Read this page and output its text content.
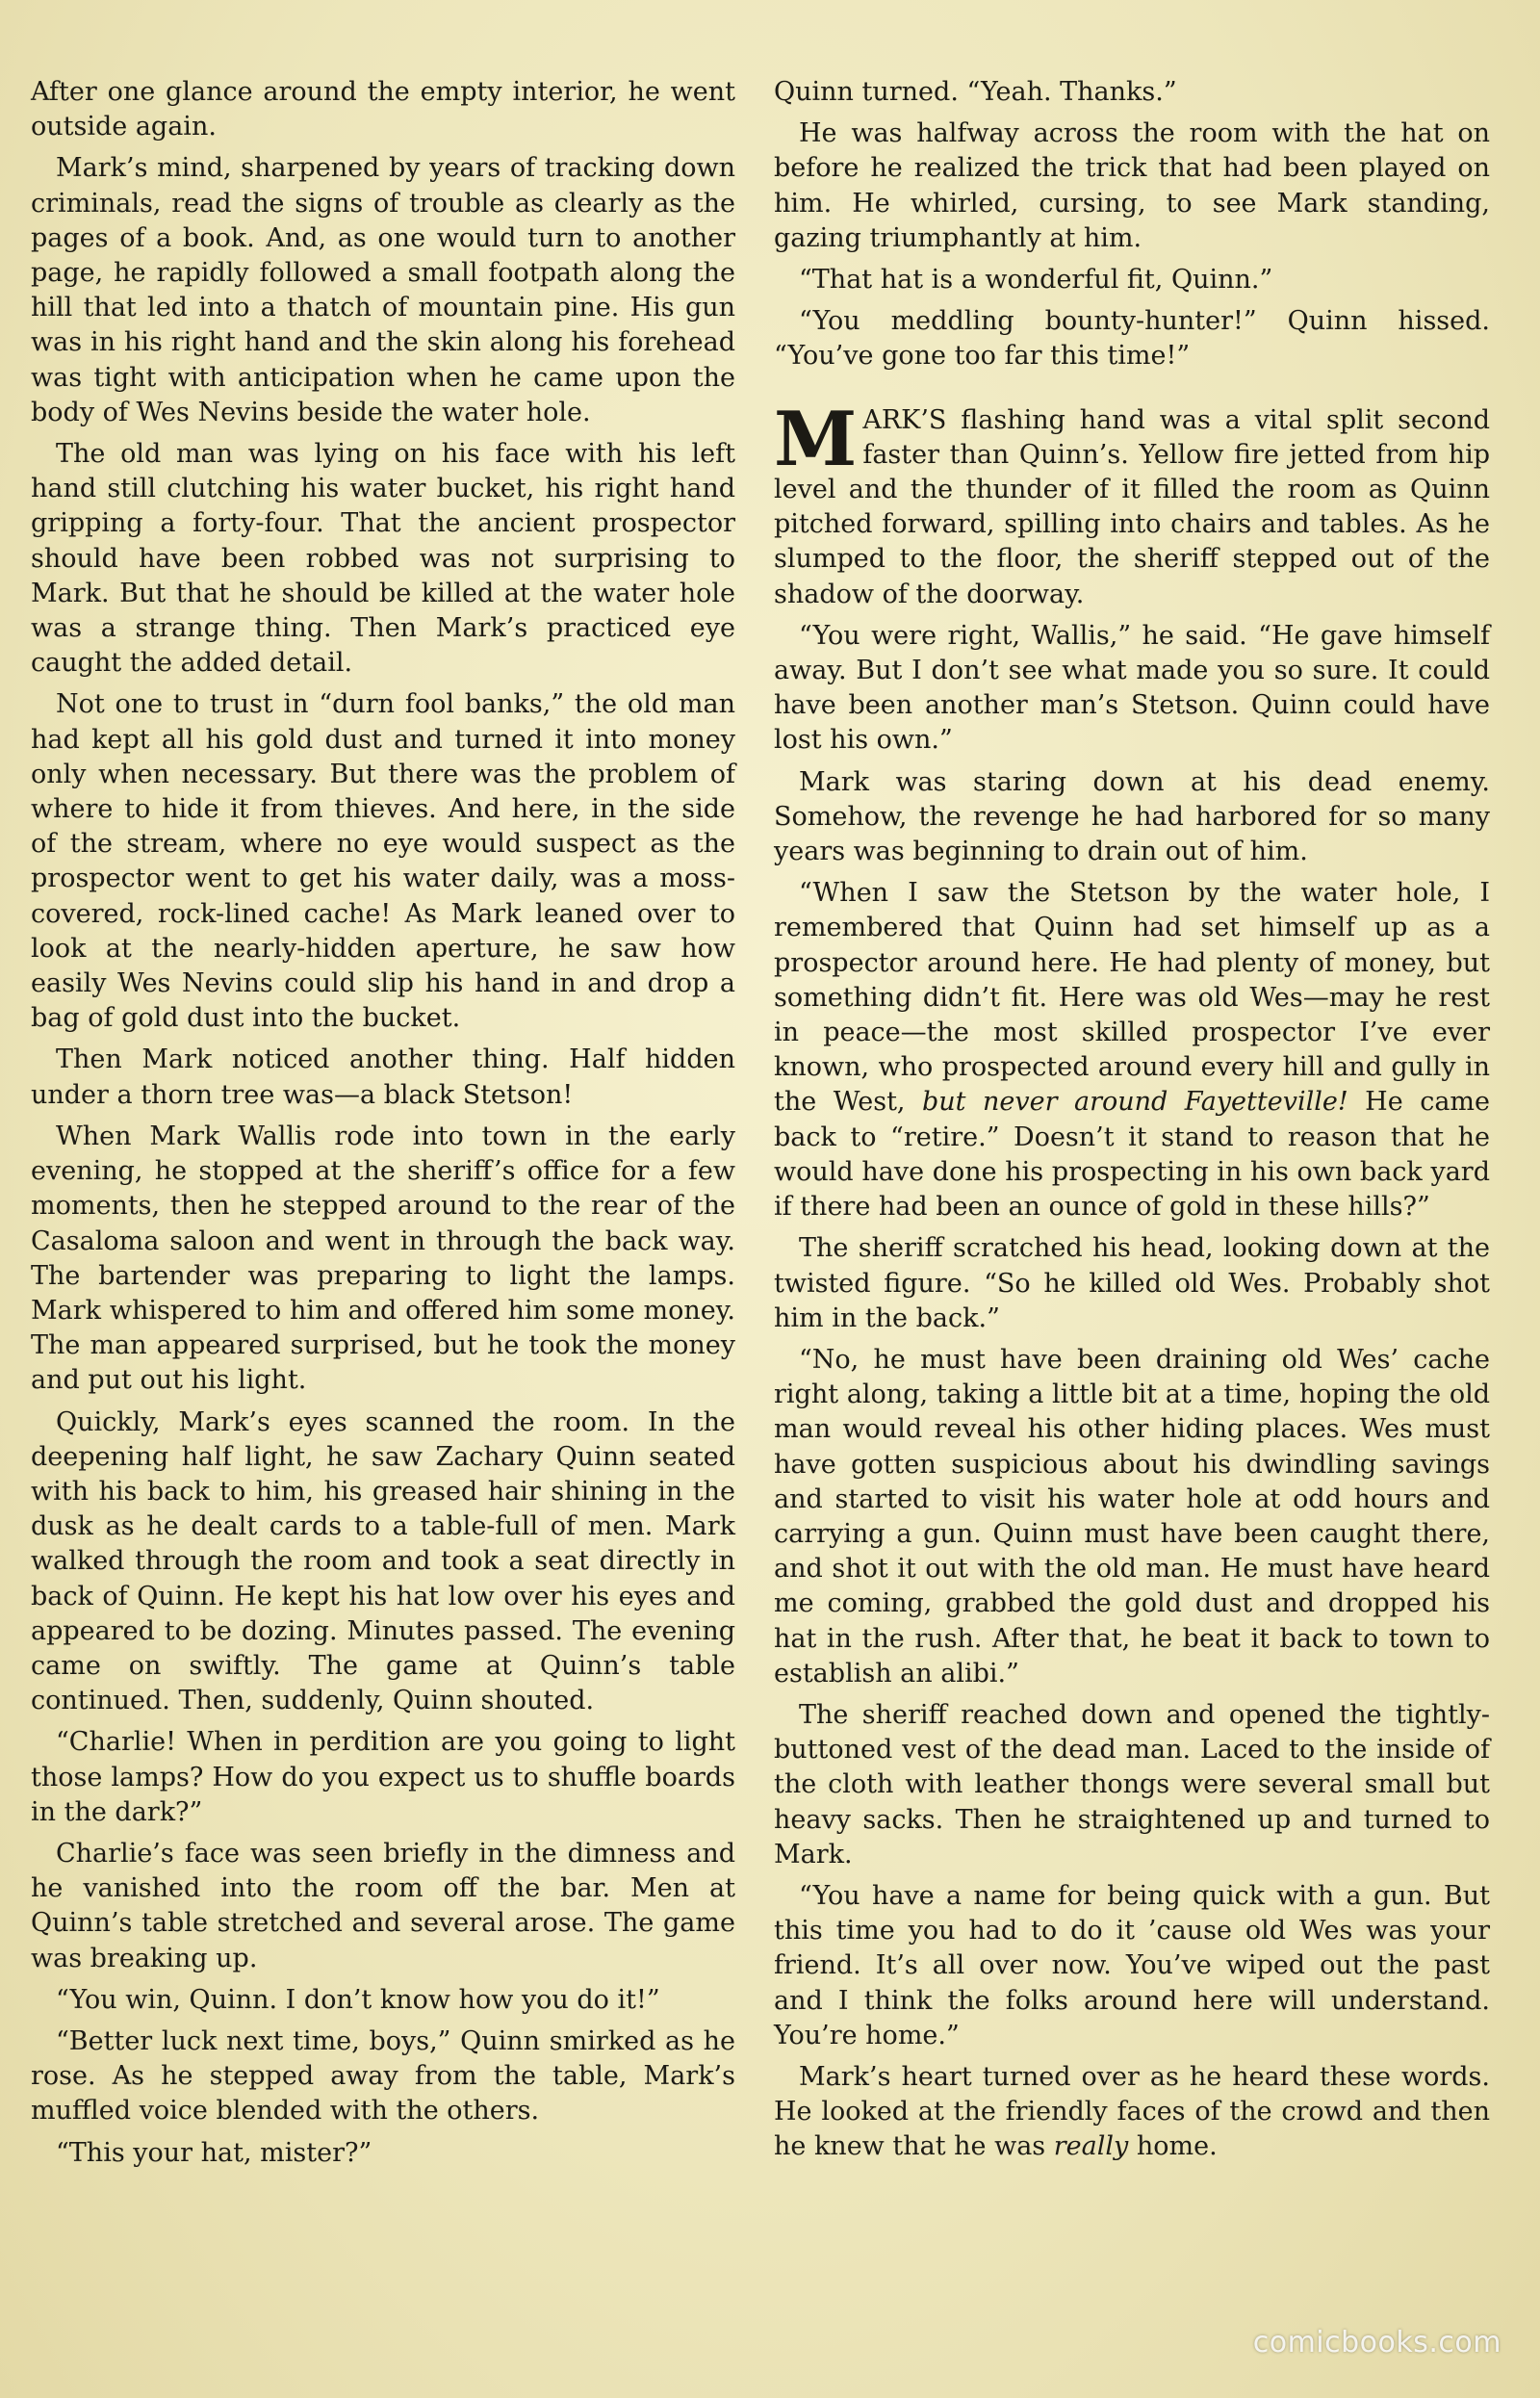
After one glance around the empty interior, he went outside again.

Mark’s mind, sharpened by years of tracking down criminals, read the signs of trouble as clearly as the pages of a book. And, as one would turn to another page, he rapidly followed a small footpath along the hill that led into a thatch of mountain pine. His gun was in his right hand and the skin along his forehead was tight with anticipation when he came upon the body of Wes Nevins beside the water hole.

The old man was lying on his face with his left hand still clutching his water bucket, his right hand gripping a forty-four. That the ancient prospector should have been robbed was not surprising to Mark. But that he should be killed at the water hole was a strange thing. Then Mark’s practiced eye caught the added detail.

Not one to trust in “durn fool banks,” the old man had kept all his gold dust and turned it into money only when necessary. But there was the problem of where to hide it from thieves. And here, in the side of the stream, where no eye would suspect as the prospector went to get his water daily, was a moss-covered, rock-lined cache! As Mark leaned over to look at the nearly-hidden aperture, he saw how easily Wes Nevins could slip his hand in and drop a bag of gold dust into the bucket.

Then Mark noticed another thing. Half hidden under a thorn tree was—a black Stetson!

When Mark Wallis rode into town in the early evening, he stopped at the sheriff’s office for a few moments, then he stepped around to the rear of the Casaloma saloon and went in through the back way. The bartender was preparing to light the lamps. Mark whispered to him and offered him some money. The man appeared surprised, but he took the money and put out his light.

Quickly, Mark’s eyes scanned the room. In the deepening half light, he saw Zachary Quinn seated with his back to him, his greased hair shining in the dusk as he dealt cards to a table-full of men. Mark walked through the room and took a seat directly in back of Quinn. He kept his hat low over his eyes and appeared to be dozing. Minutes passed. The evening came on swiftly. The game at Quinn’s table continued. Then, suddenly, Quinn shouted.

“Charlie! When in perdition are you going to light those lamps? How do you expect us to shuffle boards in the dark?”

Charlie’s face was seen briefly in the dimness and he vanished into the room off the bar. Men at Quinn’s table stretched and several arose. The game was breaking up.

“You win, Quinn. I don’t know how you do it!”

“Better luck next time, boys,” Quinn smirked as he rose. As he stepped away from the table, Mark’s muffled voice blended with the others.

“This your hat, mister?”

Quinn turned. “Yeah. Thanks.”

He was halfway across the room with the hat on before he realized the trick that had been played on him. He whirled, cursing, to see Mark standing, gazing triumphantly at him.

“That hat is a wonderful fit, Quinn.”

“You meddling bounty-hunter!” Quinn hissed. “You’ve gone too far this time!”

MARK’S flashing hand was a vital split second faster than Quinn’s. Yellow fire jetted from hip level and the thunder of it filled the room as Quinn pitched forward, spilling into chairs and tables. As he slumped to the floor, the sheriff stepped out of the shadow of the doorway.

“You were right, Wallis,” he said. “He gave himself away. But I don’t see what made you so sure. It could have been another man’s Stetson. Quinn could have lost his own.”

Mark was staring down at his dead enemy. Somehow, the revenge he had harbored for so many years was beginning to drain out of him.

“When I saw the Stetson by the water hole, I remembered that Quinn had set himself up as a prospector around here. He had plenty of money, but something didn’t fit. Here was old Wes—may he rest in peace—the most skilled prospector I’ve ever known, who prospected around every hill and gully in the West, but never around Fayetteville! He came back to “retire.” Doesn’t it stand to reason that he would have done his prospecting in his own back yard if there had been an ounce of gold in these hills?”

The sheriff scratched his head, looking down at the twisted figure. “So he killed old Wes. Probably shot him in the back.”

“No, he must have been draining old Wes’ cache right along, taking a little bit at a time, hoping the old man would reveal his other hiding places. Wes must have gotten suspicious about his dwindling savings and started to visit his water hole at odd hours and carrying a gun. Quinn must have been caught there, and shot it out with the old man. He must have heard me coming, grabbed the gold dust and dropped his hat in the rush. After that, he beat it back to town to establish an alibi.”

The sheriff reached down and opened the tightly-buttoned vest of the dead man. Laced to the inside of the cloth with leather thongs were several small but heavy sacks. Then he straightened up and turned to Mark.

“You have a name for being quick with a gun. But this time you had to do it ’cause old Wes was your friend. It’s all over now. You’ve wiped out the past and I think the folks around here will understand. You’re home.”

Mark’s heart turned over as he heard these words. He looked at the friendly faces of the crowd and then he knew that he was really home.

comicbooks.com
